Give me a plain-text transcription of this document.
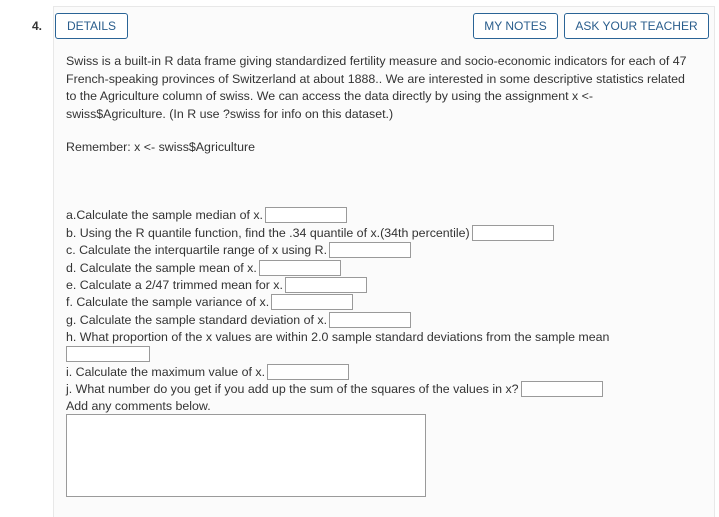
4.	DETAILS	MY NOTES	ASK YOUR TEACHER

Swiss is a built-in R data frame giving standardized fertility measure and socio-economic indicators for each of 47 French-speaking provinces of Switzerland at about 1888.. We are interested in some descriptive statistics related to the Agriculture column of swiss. We can access the data directly by using the assignment x <- swiss$Agriculture. (In R use ?swiss for info on this dataset.)

Remember: x <- swiss$Agriculture
a.Calculate the sample median of x.
b. Using the R quantile function, find the .34 quantile of x.(34th percentile)
c. Calculate the interquartile range of x using R.
d. Calculate the sample mean of x.
e. Calculate a 2/47 trimmed mean for x.
f. Calculate the sample variance of x.
g. Calculate the sample standard deviation of x.
h. What proportion of the x values are within 2.0 sample standard deviations from the sample mean
i. Calculate the maximum value of x.
j. What number do you get if you add up the sum of the squares of the values in x?
Add any comments below.
